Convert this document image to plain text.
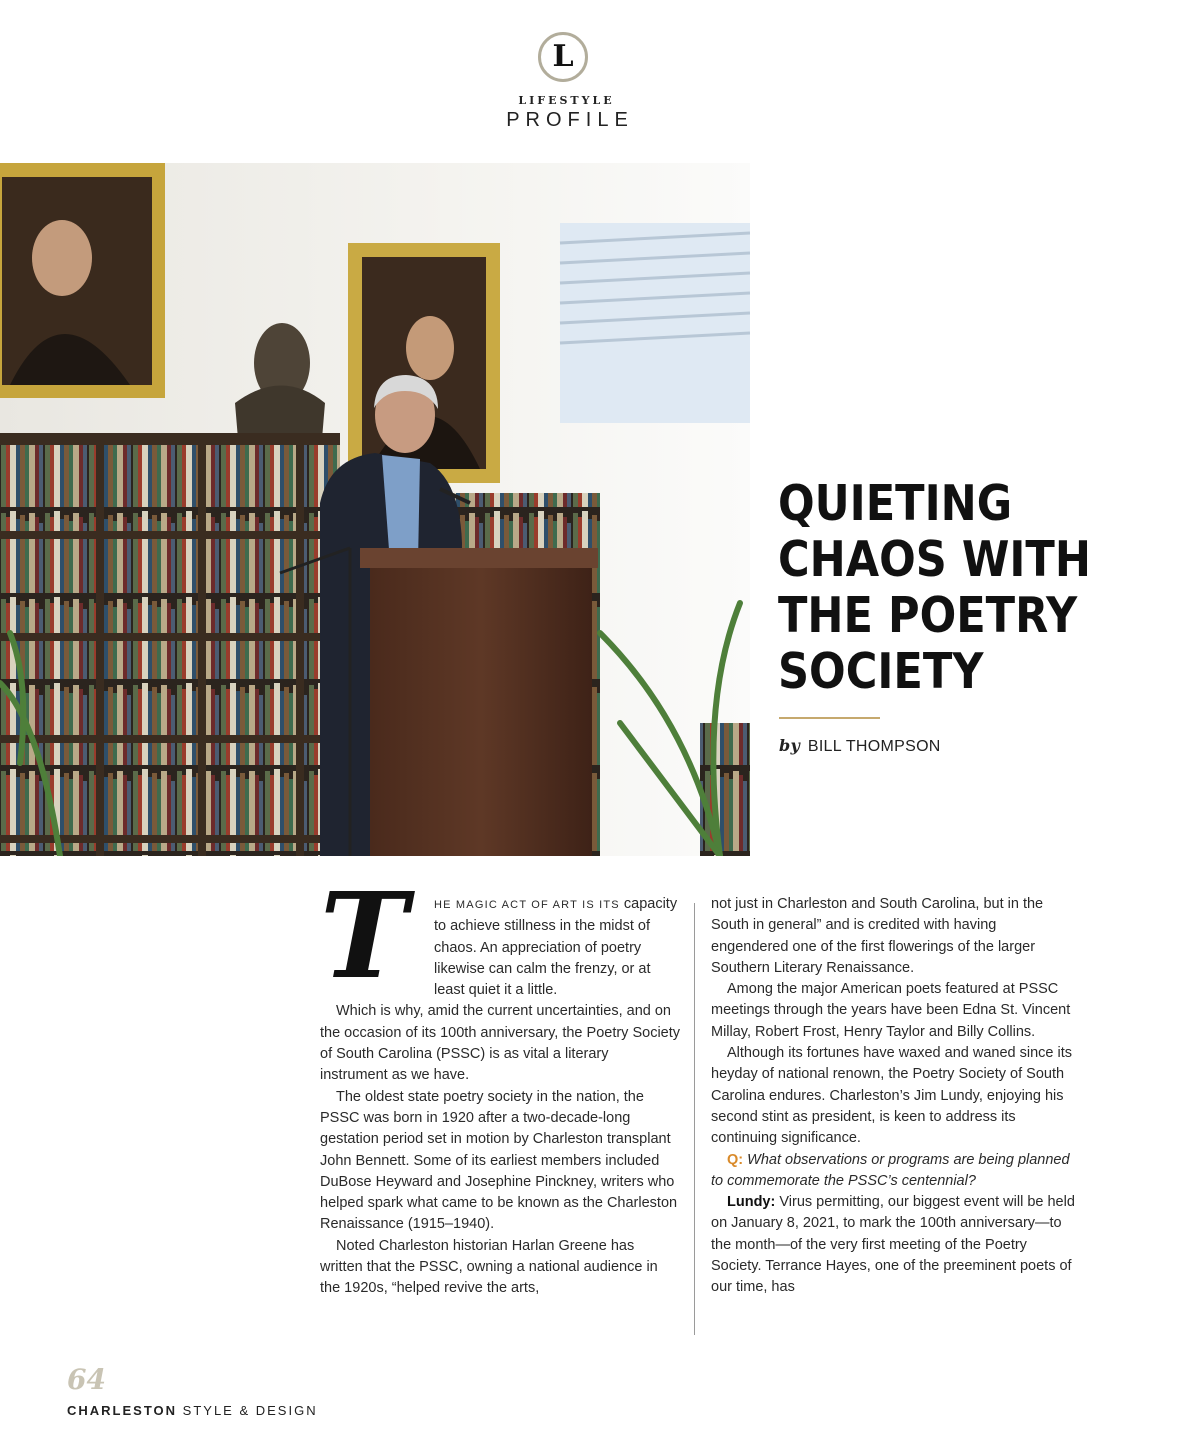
L
LIFESTYLE
PROFILE
QUIETING
CHAOS WITH
THE POETRY
SOCIETY
by BILL THOMPSON

T	HE MAGIC ACT OF ART IS ITS capacity to achieve stillness in the midst of chaos. An appreciation of poetry likewise can calm the frenzy, or at least quiet it a little.

Which is why, amid the current uncertainties, and on the occasion of its 100th anniversary, the Poetry Society of South Carolina (PSSC) is as vital a literary instrument as we have.

The oldest state poetry society in the nation, the PSSC was born in 1920 after a two-decade-long gestation period set in motion by Charleston transplant John Bennett. Some of its earliest members included DuBose Heyward and Josephine Pinckney, writers who helped spark what came to be known as the Charleston Renaissance (1915–1940).

Noted Charleston historian Harlan Greene has written that the PSSC, owning a national audience in the 1920s, “helped revive the arts,

not just in Charleston and South Carolina, but in the South in general” and is credited with having engendered one of the first flowerings of the larger Southern Literary Renaissance.

Among the major American poets featured at PSSC meetings through the years have been Edna St. Vincent Millay, Robert Frost, Henry Taylor and Billy Collins.

Although its fortunes have waxed and waned since its heyday of national renown, the Poetry Society of South Carolina endures. Charleston’s Jim Lundy, enjoying his second stint as president, is keen to address its continuing significance.

Q: What observations or programs are being planned to commemorate the PSSC’s centennial?

Lundy: Virus permitting, our biggest event will be held on January 8, 2021, to mark the 100th anniversary—to the month—of the very first meeting of the Poetry Society. Terrance Hayes, one of the preeminent poets of our time, has

64
CHARLESTON STYLE & DESIGN
